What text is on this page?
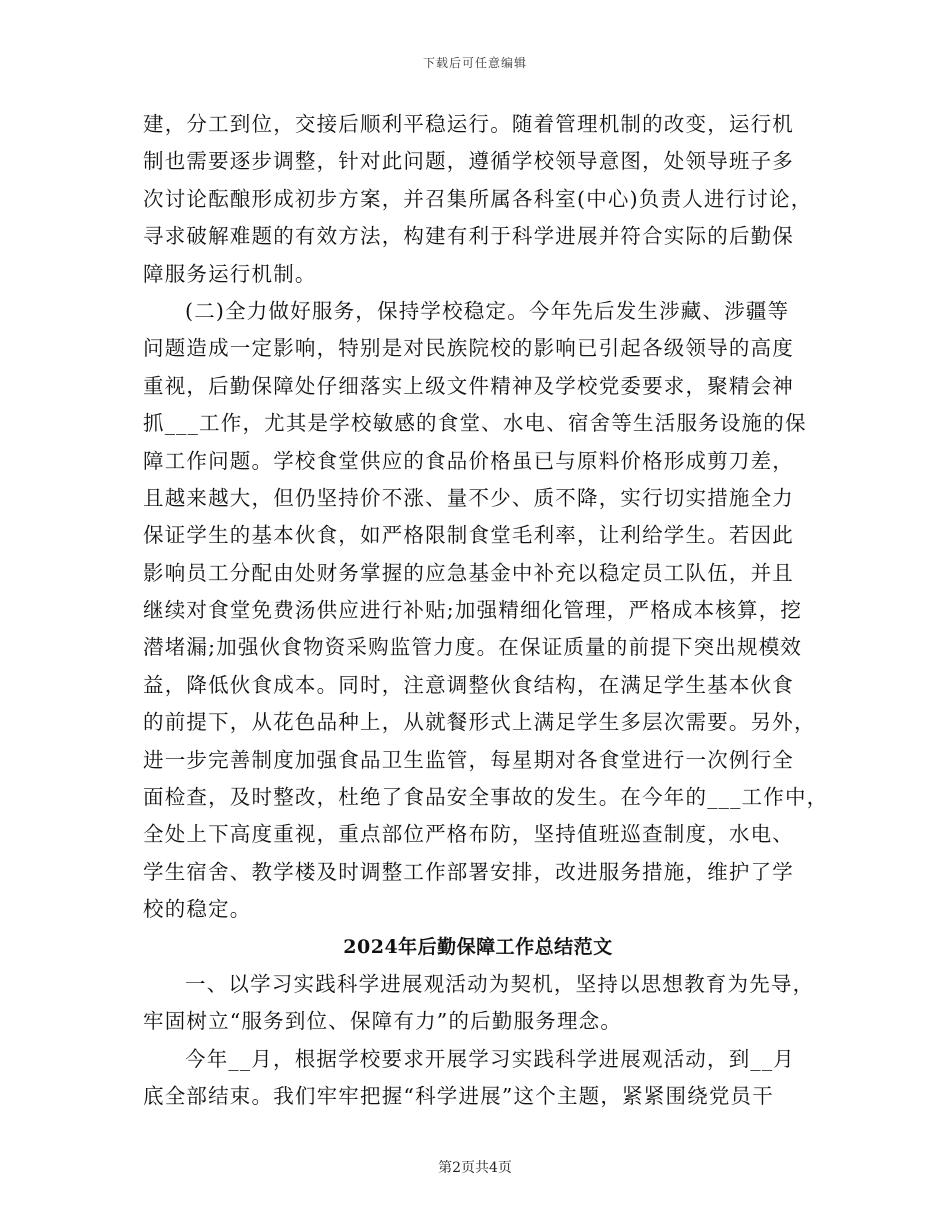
下载后可任意编辑
建，分工到位，交接后顺利平稳运行。随着管理机制的改变，运行机
制也需要逐步调整，针对此问题，遵循学校领导意图，处领导班子多
次讨论酝酿形成初步方案，并召集所属各科室(中心)负责人进行讨论，
寻求破解难题的有效方法，构建有利于科学进展并符合实际的后勤保
障服务运行机制。
(二)全力做好服务，保持学校稳定。今年先后发生涉藏、涉疆等
问题造成一定影响，特别是对民族院校的影响已引起各级领导的高度
重视，后勤保障处仔细落实上级文件精神及学校党委要求，聚精会神
抓___工作，尤其是学校敏感的食堂、水电、宿舍等生活服务设施的保
障工作问题。学校食堂供应的食品价格虽已与原料价格形成剪刀差，
且越来越大，但仍坚持价不涨、量不少、质不降，实行切实措施全力
保证学生的基本伙食，如严格限制食堂毛利率，让利给学生。若因此
影响员工分配由处财务掌握的应急基金中补充以稳定员工队伍，并且
继续对食堂免费汤供应进行补贴;加强精细化管理，严格成本核算，挖
潜堵漏;加强伙食物资采购监管力度。在保证质量的前提下突出规模效
益，降低伙食成本。同时，注意调整伙食结构，在满足学生基本伙食
的前提下，从花色品种上，从就餐形式上满足学生多层次需要。另外，
进一步完善制度加强食品卫生监管，每星期对各食堂进行一次例行全
面检查，及时整改，杜绝了食品安全事故的发生。在今年的___工作中，
全处上下高度重视，重点部位严格布防，坚持值班巡查制度，水电、
学生宿舍、教学楼及时调整工作部署安排，改进服务措施，维护了学
校的稳定。
2024年后勤保障工作总结范文
一、以学习实践科学进展观活动为契机，坚持以思想教育为先导，
牢固树立“服务到位、保障有力”的后勤服务理念。
今年__月，根据学校要求开展学习实践科学进展观活动，到__月
底全部结束。我们牢牢把握“科学进展”这个主题，紧紧围绕党员干
第2页共4页
